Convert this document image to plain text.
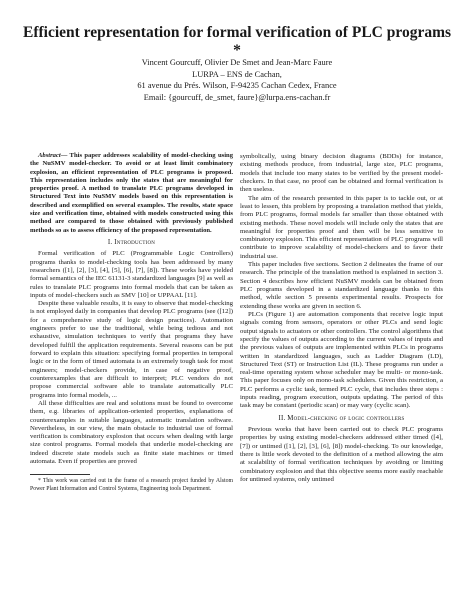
Efficient representation for formal verification of PLC programs *
Vincent Gourcuff, Olivier De Smet and Jean-Marc Faure
LURPA – ENS de Cachan,
61 avenue du Prés. Wilson, F-94235 Cachan Cedex, France
Email: {gourcuff, de_smet, faure}@lurpa.ens-cachan.fr

Abstract— This paper addresses scalability of model-checking using the NuSMV model-checker. To avoid or at least limit combinatory explosion, an efficient representation of PLC programs is proposed. This representation includes only the states that are meaningful for properties proof. A method to translate PLC programs developed in Structured Text into NuSMV models based on this representation is described and exemplified on several examples. The results, state space size and verification time, obtained with models constructed using this method are compared to those obtained with previously published methods so as to assess efficiency of the proposed representation.

I. Introduction

Formal verification of PLC (Programmable Logic Controllers) programs thanks to model-checking tools has been addressed by many researchers ([1], [2], [3], [4], [5], [6], [7], [8]). These works have yielded formal semantics of the IEC 61131-3 standardized languages [9] as well as rules to translate PLC programs into formal models that can be taken as inputs of model-checkers such as SMV [10] or UPPAAL [11].

Despite these valuable results, it is easy to observe that model-checking is not employed daily in companies that develop PLC programs (see ([12]) for a comprehensive study of logic design practices). Automation engineers prefer to use the traditional, while being tedious and not exhaustive, simulation techniques to verify that programs they have developed fulfill the application requirements. Several reasons can be put forward to explain this situation: specifying formal properties in temporal logic or in the form of timed automata is an extremely tough task for most engineers; model-checkers provide, in case of negative proof, counterexamples that are difficult to interpret; PLC vendors do not propose commercial software able to translate automatically PLC programs into formal models, ...

All these difficulties are real and solutions must be found to overcome them, e.g. libraries of application-oriented properties, explanations of counterexamples in suitable languages, automatic translation software. Nevertheless, in our view, the main obstacle to industrial use of formal verification is combinatory explosion that occurs when dealing with large size control programs. Formal models that underlie model-checking are indeed discrete state models such as finite state machines or timed automata. Even if properties are proved

* This work was carried out in the frame of a research project funded by Alstom Power Plant Information and Control Systems, Engineering tools Department.

symbolically, using binary decision diagrams (BDDs) for instance, existing methods produce, from industrial, large size, PLC programs, models that include too many states to be verified by the present model-checkers. In that case, no proof can be obtained and formal verification is then useless.

The aim of the research presented in this paper is to tackle out, or at least to lessen, this problem by proposing a translation method that yields, from PLC programs, formal models far smaller than those obtained with existing methods. These novel models will include only the states that are meaningful for properties proof and then will be less sensitive to combinatory explosion. This efficient representation of PLC programs will contribute to improve scalability of model-checkers and to favor their industrial use.

This paper includes five sections. Section 2 delineates the frame of our research. The principle of the translation method is explained in section 3. Section 4 describes how efficient NuSMV models can be obtained from PLC programs developed in a standardized language thanks to this method, while section 5 presents experimental results. Prospects for extending these works are given in section 6.

PLCs (Figure 1) are automation components that receive logic input signals coming from sensors, operators or other PLCs and send logic output signals to actuators or other controllers. The control algorithms that specify the values of outputs according to the current values of inputs and the previous values of outputs are implemented within PLCs in programs written in standardized languages, such as Ladder Diagram (LD), Structured Text (ST) or Instruction List (IL). These programs run under a real-time operating system whose scheduler may be multi- or mono-task. This paper focuses only on mono-task schedulers. Given this restriction, a PLC performs a cyclic task, termed PLC cycle, that includes three steps : inputs reading, program execution, outputs updating. The period of this task may be constant (periodic scan) or may vary (cyclic scan).

II. Model-checking of logic controllers

Previous works that have been carried out to check PLC programs properties by using existing model-checkers addressed either timed ([4], [7]) or untimed ([1], [2], [3], [6], [8]) model-checking. To our knowledge, there is little work devoted to the definition of a method allowing the aim at scalability of formal verification techniques by avoiding or limiting combinatory explosion and that this objective seems more easily reachable for untimed systems, only untimed
